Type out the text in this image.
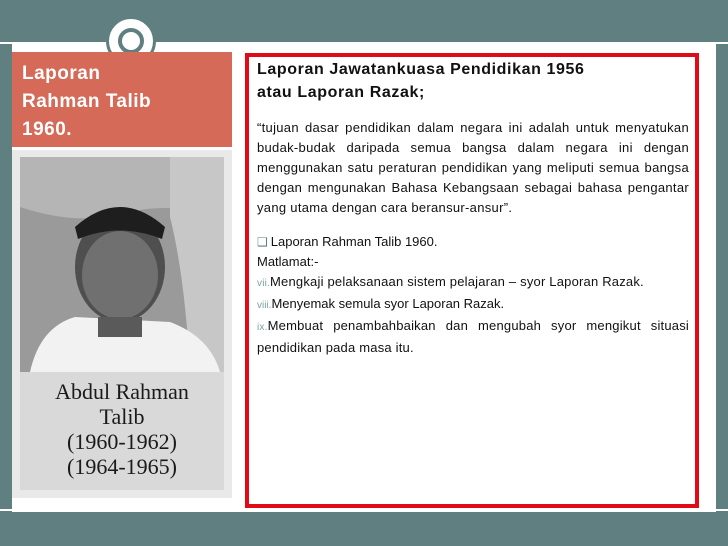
Laporan
Rahman Talib
1960.
Abdul Rahman
Talib
(1960-1962)
(1964-1965)

Laporan Jawatankuasa Pendidikan 1956
atau Laporan Razak;

“tujuan dasar pendidikan dalam negara ini adalah untuk menyatukan budak-budak daripada semua bangsa dalam negara ini dengan menggunakan satu peraturan pendidikan yang meliputi semua bangsa dengan mengunakan Bahasa Kebangsaan sebagai bahasa pengantar yang utama dengan cara beransur-ansur”.

❑ Laporan Rahman Talib 1960.

Matlamat:-

vii.Mengkaji pelaksanaan sistem pelajaran – syor Laporan Razak.

viii.Menyemak semula syor Laporan Razak.

ix.Membuat penambahbaikan dan mengubah syor mengikut situasi pendidikan pada masa itu.
